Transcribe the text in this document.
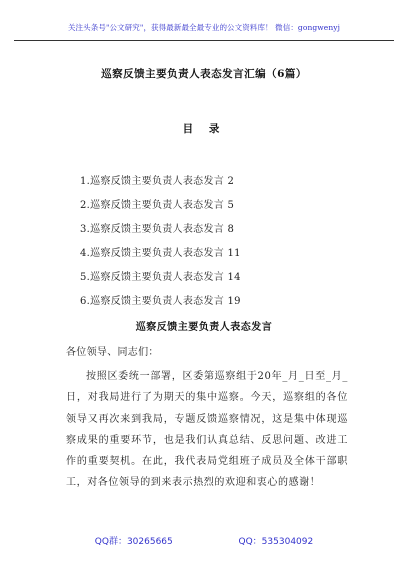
关注头条号"公文研究"，获得最新最全最专业的公文资料库！ 微信：gongwenyj
巡察反馈主要负责人表态发言汇编（6篇）
目 录
1.巡察反馈主要负责人表态发言 2
2.巡察反馈主要负责人表态发言 5
3.巡察反馈主要负责人表态发言 8
4.巡察反馈主要负责人表态发言 11
5.巡察反馈主要负责人表态发言 14
6.巡察反馈主要负责人表态发言 19
巡察反馈主要负责人表态发言
各位领导、同志们：

按照区委统一部署，区委第巡察组于20年_月_日至_月_日，对我局进行了为期天的集中巡察。今天，巡察组的各位领导又再次来到我局，专题反馈巡察情况，这是集中体现巡察成果的重要环节，也是我们认真总结、反思问题、改进工作的重要契机。在此，我代表局党组班子成员及全体干部职工，对各位领导的到来表示热烈的欢迎和衷心的感谢！

QQ群：30265665	QQ：535304092
